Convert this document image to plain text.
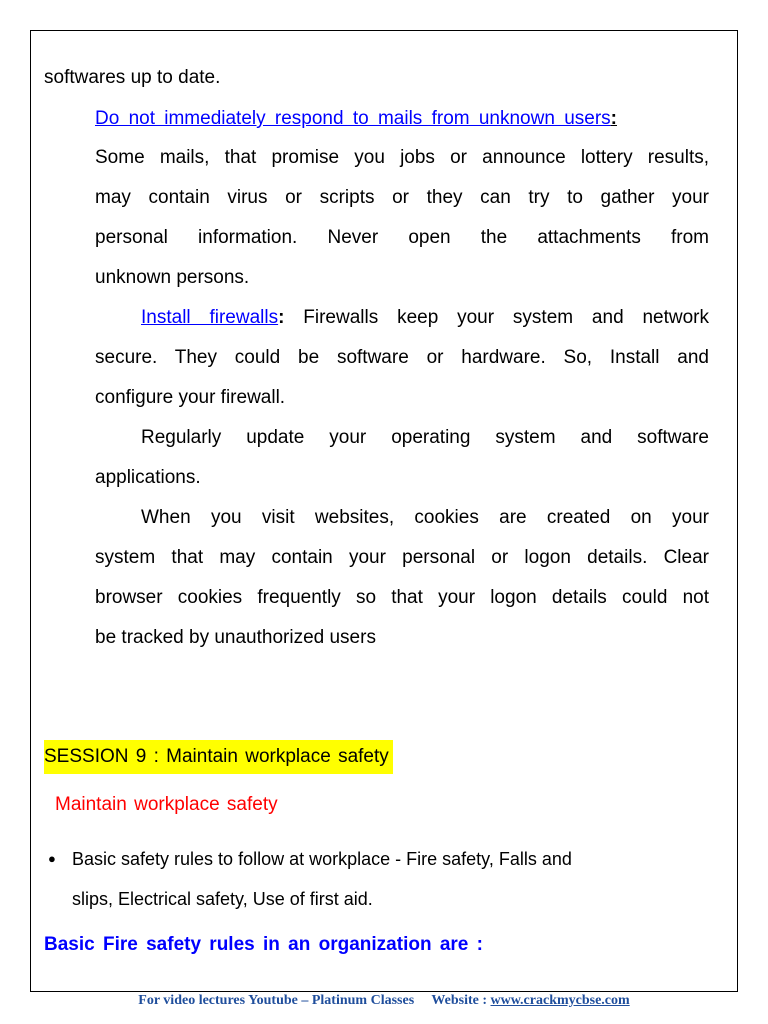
softwares up to date.
Do not immediately respond to mails from unknown users:
Some mails, that promise you jobs or announce lottery results,
may contain virus or scripts or they can try to gather your
personal information. Never open the attachments from
unknown persons.
Install firewalls: Firewalls keep your system and network
secure. They could be software or hardware. So, Install and
configure your firewall.
Regularly update your operating system and software
applications.
When you visit websites, cookies are created on your
system that may contain your personal or logon details. Clear
browser cookies frequently so that your logon details could not
be tracked by unauthorized users
SESSION 9 : Maintain workplace safety
Maintain workplace safety
● Basic safety rules to follow at workplace - Fire safety, Falls and
slips, Electrical safety, Use of first aid.
Basic Fire safety rules in an organization are :
For video lectures Youtube – Platinum Classes     Website : www.crackmycbse.com
